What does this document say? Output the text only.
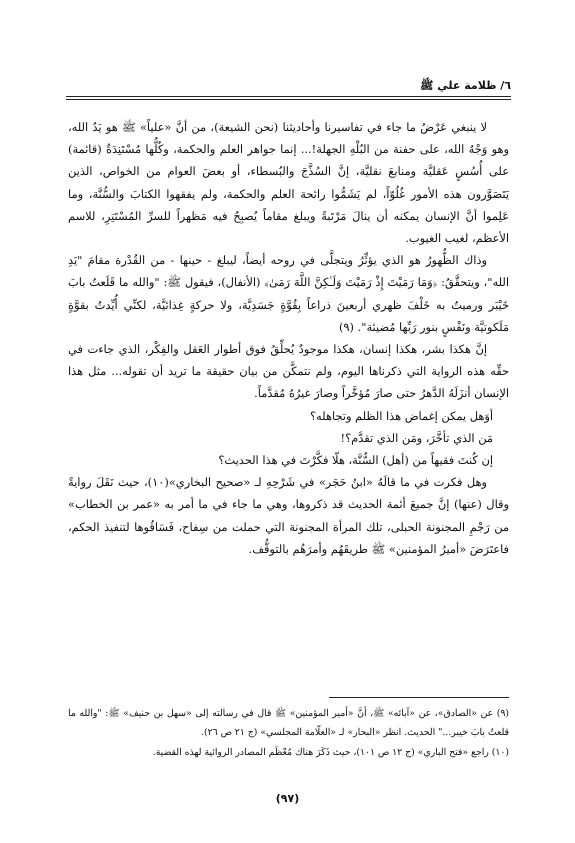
٦/ ظلامة علي ﷺ

لا ينبغي عَرْضُ ما جاء في تفاسيرنا وأحاديثنا (نحن الشيعة)، من أنَّ «علياً» ﷺ هو يَدُ الله، وهو وَجْهُ الله، على حفنة من البُلْهِ الجهلة!... إنما جواهر العلم والحكمة، وكُلُّها مُسْتَنِدَةٌ (قائمة) على أُسُسٍ عَقليَّة ومنابعَ نقليَّة، إنَّ السُذَّجَ والبُسطاء، أو بعضَ العوام من الخواص، الذين يَتَصَوَّرون هذه الأمور غُلُوّاً، لم يَشَمُّوا رائحة العلم والحكمة، ولم يفقهوا الكتابَ والسُّنَّة، وما عَلِموا أنَّ الإنسان يمكنه أن ينالَ مَرْتَبةً ويبلغ مقاماً يُصبِحُ فيه مَظهراً للسرِّ المُسْتَتِرِ، للاسم الأعظم، لغيب الغيوب.

وذاك الظُّهورُ هو الذي يؤثِّرُ ويتجلَّى في روحه أيضاً، ليبلغ - حينها - من القُدْرة مقامَ "يَدِ الله"، ويتحقَّقُ: ﴿وَمَا رَمَيْتَ إِذْ رَمَيْتَ وَلَـٰكِنَّ اللَّهَ رَمَىٰ﴾ (الأنفال)، فيقول ﷺ: "والله ما قَلَعتُ بابَ خَيْبَر ورميتُ به خَلْفَ ظهري أربعينَ ذراعاً بِقُوَّةٍ جَسَدِيَّة، ولا حركةٍ غِذائيَّة، لكنِّي أُيِّدتُ بقوَّةٍ مَلَكوتيَّة ونَفْسٍ بنور رَبِّها مُضيئة". (٩)

إنَّ هكذا بشر، هكذا إنسان، هكذا موجودٌ يُحلِّقُ فوق أطوار العَقل والفِكْر، الذي جاءت في حقِّه هذه الرواية التي ذكرناها اليوم، ولم نتمكَّن من بيان حقيقة ما تريد أن تقوله... مثل هذا الإنسان أنزَلَهُ الدَّهرُ حتى صارَ مُؤخَّراً وصارَ غيرُهُ مُقدَّماً.

أوَهل يمكن إغماض هذا الظلم وتجاهله؟

مَن الذي تأخَّرَ، ومَن الذي تقدَّم؟!

إن كُنتَ فقيهاً من (أهل) السُّنَّة، هلّا فكَّرْتَ في هذا الحديث؟

وهل فكرت في ما قالَهُ «ابنُ حَجَر» في شَرْحِهِ لـ «صحيح البخاري»(١٠)، حيث نَقَلَ روايةً وقال (عنها) إنَّ جميعَ أئمة الحديث قد ذكروها، وهي ما جاء في ما أمر به «عمر بن الخطاب» من رَجْمِ المجنونة الحبلى، تلك المرأة المجنونة التي حملت من سِفاح، فَسَاقُوها لتنفيذ الحكم، فاعتَرَضَ «أميرُ المؤمنين» ﷺ طريقَهُم وأمرَهُم بالتوقُّف.

(٩) عن «الصادق»، عن «آبائه» ﷺ، أنَّ «أمير المؤمنين» ﷺ قال في رسالته إلى «سهل بن حنيف» ﷺ: "والله ما قلعتُ بابَ خيبر..." الحديث. انظر «البحار» لـ «العلّامة المجلسي» (ج ٢١ ص ٢٦).

(١٠) راجع «فتح الباري» (ج ١٢ ص ١٠١)، حيث ذَكَرَ هناك مُعْظَم المصادر الروائية لهذه القضية.

(٩٧)
